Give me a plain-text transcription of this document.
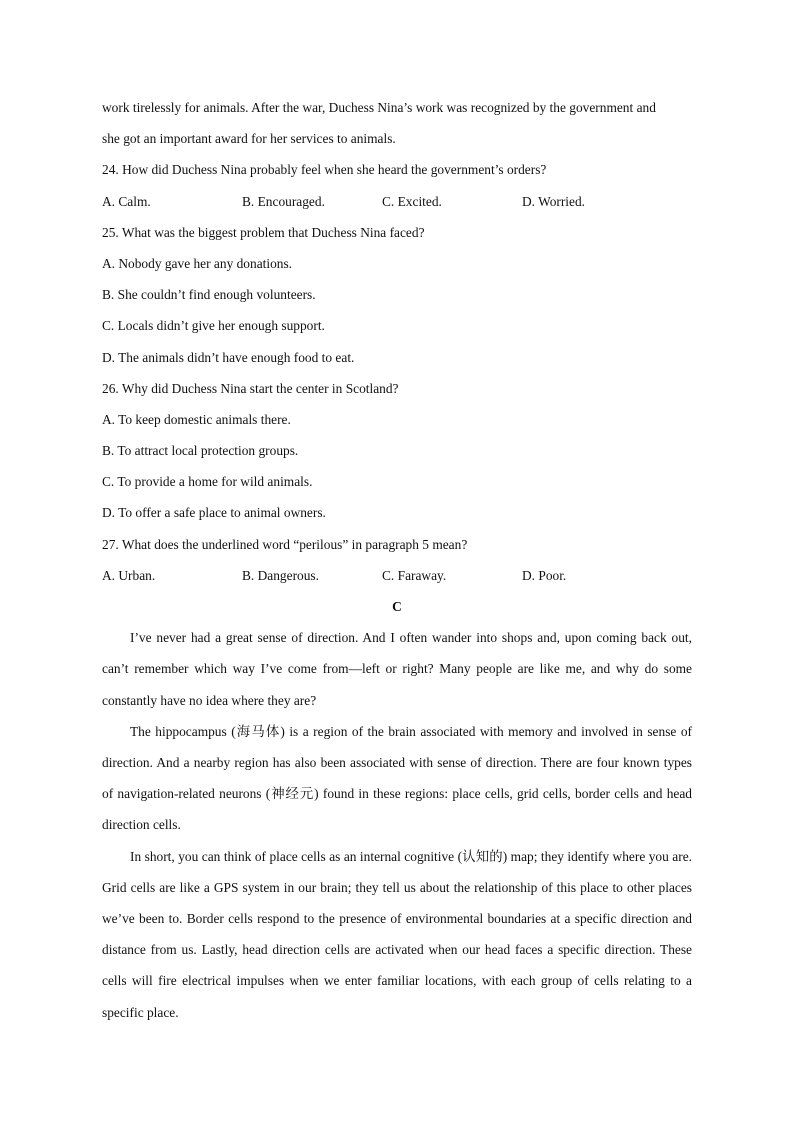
work tirelessly for animals. After the war, Duchess Nina’s work was recognized by the government and
she got an important award for her services to animals.
24. How did Duchess Nina probably feel when she heard the government’s orders?
A. Calm.	B. Encouraged.	C. Excited.	D. Worried.
25. What was the biggest problem that Duchess Nina faced?
A. Nobody gave her any donations.
B. She couldn’t find enough volunteers.
C. Locals didn’t give her enough support.
D. The animals didn’t have enough food to eat.
26. Why did Duchess Nina start the center in Scotland?
A. To keep domestic animals there.
B. To attract local protection groups.
C. To provide a home for wild animals.
D. To offer a safe place to animal owners.
27. What does the underlined word “perilous” in paragraph 5 mean?
A. Urban.	B. Dangerous.	C. Faraway.	D. Poor.
C

I’ve never had a great sense of direction. And I often wander into shops and, upon coming back out, can’t remember which way I’ve come from—left or right? Many people are like me, and why do some constantly have no idea where they are?

The hippocampus (海马体) is a region of the brain associated with memory and involved in sense of direction. And a nearby region has also been associated with sense of direction. There are four known types of navigation-related neurons (神经元) found in these regions: place cells, grid cells, border cells and head direction cells.

In short, you can think of place cells as an internal cognitive (认知的) map; they identify where you are. Grid cells are like a GPS system in our brain; they tell us about the relationship of this place to other places we’ve been to. Border cells respond to the presence of environmental boundaries at a specific direction and distance from us. Lastly, head direction cells are activated when our head faces a specific direction. These cells will fire electrical impulses when we enter familiar locations, with each group of cells relating to a specific place.
